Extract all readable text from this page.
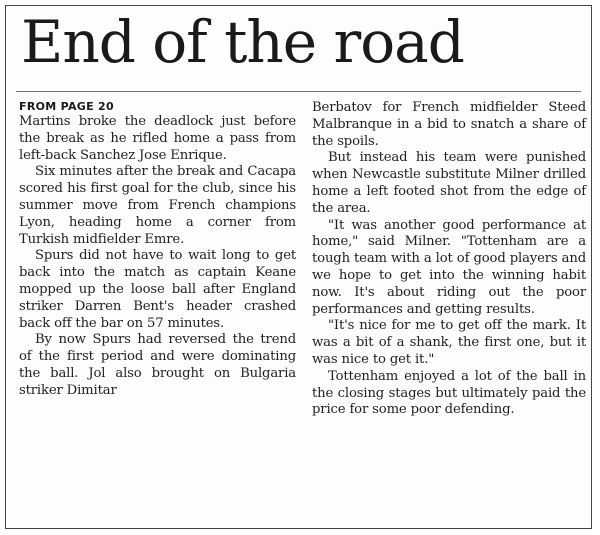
End of the road
FROM PAGE 20

Martins broke the deadlock just before the break as he rifled home a pass from left-back Sanchez Jose Enrique.

Six minutes after the break and Cacapa scored his first goal for the club, since his summer move from French champions Lyon, heading home a corner from Turkish midfielder Emre.

Spurs did not have to wait long to get back into the match as captain Keane mopped up the loose ball after England striker Darren Bent's header crashed back off the bar on 57 minutes.

By now Spurs had reversed the trend of the first period and were dominating the ball. Jol also brought on Bulgaria striker Dimitar

Berbatov for French midfielder Steed Malbranque in a bid to snatch a share of the spoils.

But instead his team were punished when Newcastle substitute Milner drilled home a left footed shot from the edge of the area.

"It was another good performance at home," said Milner. "Tottenham are a tough team with a lot of good players and we hope to get into the winning habit now. It's about riding out the poor performances and getting results.

"It's nice for me to get off the mark. It was a bit of a shank, the first one, but it was nice to get it."

Tottenham enjoyed a lot of the ball in the closing stages but ultimately paid the price for some poor defending.
